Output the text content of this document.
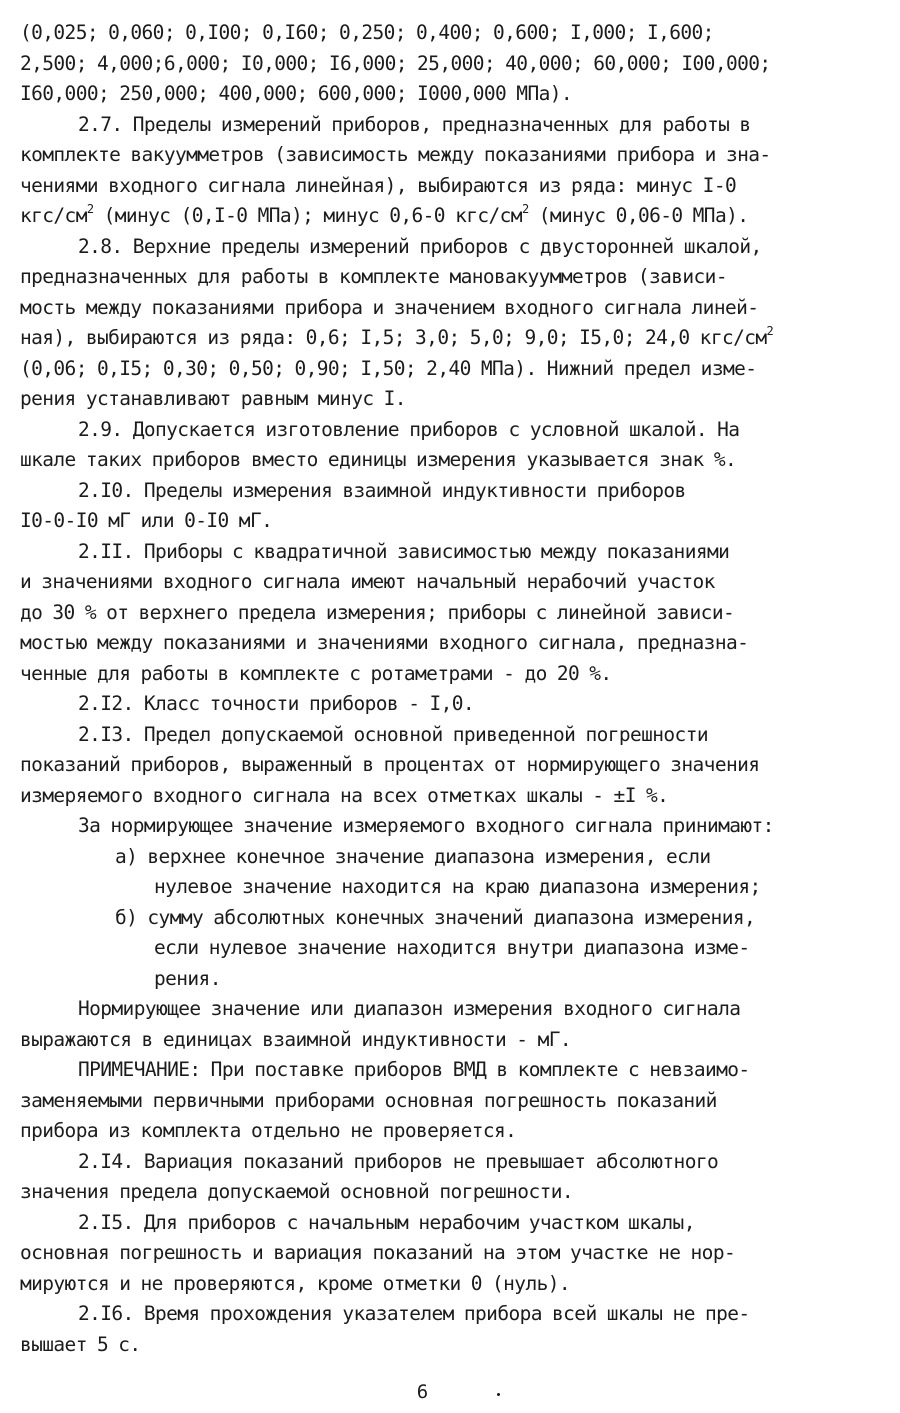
(0,025; 0,060; 0,I00; 0,I60; 0,250; 0,400; 0,600; I,000; I,600;
2,500; 4,000;6,000; I0,000; I6,000; 25,000; 40,000; 60,000; I00,000;
I60,000; 250,000; 400,000; 600,000; I000,000 МПа).
2.7. Пределы измерений приборов, предназначенных для работы в
комплекте вакуумметров (зависимость между показаниями прибора и зна-
чениями входного сигнала линейная), выбираются из ряда: минус I-0
кгс/$см^2$ (минус (0,I-0 МПа); минус 0,6-0 кгс/$см^2$ (минус 0,06-0 МПа).
2.8. Верхние пределы измерений приборов с двусторонней шкалой,
предназначенных для работы в комплекте мановакуумметров (зависи-
мость между показаниями прибора и значением входного сигнала линей-
ная), выбираются из ряда: 0,6; I,5; 3,0; 5,0; 9,0; I5,0; 24,0 кгс/$см^2$
(0,06; 0,I5; 0,30; 0,50; 0,90; I,50; 2,40 МПа). Нижний предел изме-
рения устанавливают равным минус I.
2.9. Допускается изготовление приборов с условной шкалой. На
шкале таких приборов вместо единицы измерения указывается знак %.
2.I0. Пределы измерения взаимной индуктивности приборов
I0-0-I0 мГ или 0-I0 мГ.
2.II. Приборы с квадратичной зависимостью между показаниями
и значениями входного сигнала имеют начальный нерабочий участок
до 30 % от верхнего предела измерения; приборы с линейной зависи-
мостью между показаниями и значениями входного сигнала, предназна-
ченные для работы в комплекте с ротаметрами - до 20 %.
2.I2. Класс точности приборов - I,0.
2.I3. Предел допускаемой основной приведенной погрешности
показаний приборов, выраженный в процентах от нормирующего значения
измеряемого входного сигнала на всех отметках шкалы - ±I %.
За нормирующее значение измеряемого входного сигнала принимают:
а) верхнее конечное значение диапазона измерения, если
нулевое значение находится на краю диапазона измерения;
б) сумму абсолютных конечных значений диапазона измерения,
если нулевое значение находится внутри диапазона изме-
рения.
Нормирующее значение или диапазон измерения входного сигнала
выражаются в единицах взаимной индуктивности - мГ.
ПРИМЕЧАНИЕ: При поставке приборов ВМД в комплекте с невзаимо-
заменяемыми первичными приборами основная погрешность показаний
прибора из комплекта отдельно не проверяется.
2.I4. Вариация показаний приборов не превышает абсолютного
значения предела допускаемой основной погрешности.
2.I5. Для приборов с начальным нерабочим участком шкалы,
основная погрешность и вариация показаний на этом участке не нор-
мируются и не проверяются, кроме отметки 0 (нуль).
2.I6. Время прохождения указателем прибора всей шкалы не пре-
вышает 5 с.
6
